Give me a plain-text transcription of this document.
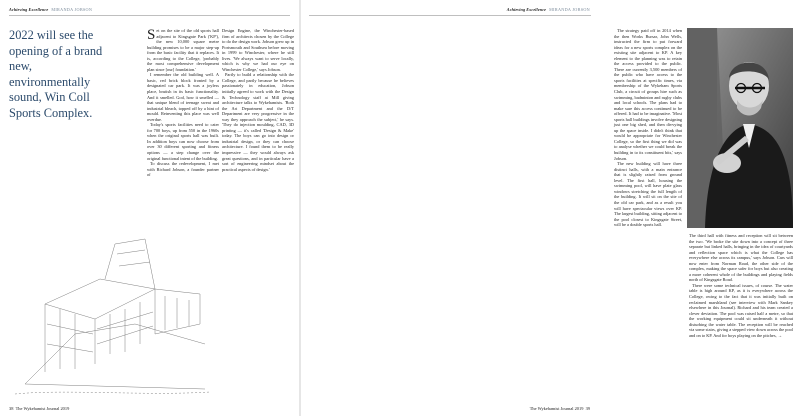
Achieving Excellence MIRANDA JOBSON
2022 will see the opening of a brand new, environmentally sound, Win Coll Sports Complex.

Set on the site of the old sports hall adjacent to Kingsgate Park ('KP'), the new 10,000 square metre building promises to be a major step-up from the basic facility that it replaces. It is, according to the College, 'probably the most comprehensive development plan since [our] foundation.'

I remember the old building well. A basic, red brick block fronted by a designated car park. It was a joyless place, brutish in its basic functionality. And it smelled. God, how it smelled — that unique blend of teenage sweat and industrial bleach, topped off by a hint of mould. Reinventing this place was well overdue.

Today's sports facilities need to cater for 700 boys, up from 550 in the 1960s when the original sports hall was built. In addition boys can now choose from over 30 different sporting and fitness options — a step change over the original functional intent of the building.

To discuss the redevelopment, I met with Richard Jobson, a founder partner of

Design Engine, the Winchester-based firm of architects chosen by the College to do the design work. Jobson grew up in Portsmouth and Southsea before moving in 1999 to Winchester, where he still lives. 'We always want to serve locally, which is why we had our eye on Winchester College,' says Jobson.

Partly to build a relationship with the College, and partly because he believes passionately in education, Jobson initially agreed to work with the Design & Technology staff at Mill giving architecture talks to Wykehamists. 'Both the Art Department and the D/T Department are very progressive in the way they approach the subject,' he says. 'They do injection moulding, CAD, 3D printing — it's called 'Design & Make' today. The boys can go into design or industrial design, or they can choose architecture. I found them to be really impressive — they would always ask great questions, and in particular have a sort of engineering mindset about the practical aspects of design.'

38 The Wykehamist Journal 2019
Achieving Excellence MIRANDA JOBSON

The strategy paid off in 2014 when the then Works Bursar, John Wells, instructed the firm to put forward ideas for a new sports complex on the existing site adjacent to KP. A key element to the planning was to retain the access provided to the public. There are currently 3,500 members of the public who have access to the sports facilities at specific times, via membership of the Wykeham Sports Club, a circuit of groups hire such as swimming, badminton and rugby clubs and local schools. The plans had to make sure this access continued to be offered. It had to be imaginative. 'Most sports hall buildings involve designing just one big shed, and then divvying up the space inside. I didn't think that would be appropriate for Winchester College, so the first thing we did was to analyse whether we could break the building in to its constituent bits,' says Jobson.

The new building will have three distinct halls, with a main entrance that is slightly raised from ground level. The first hall, housing the swimming pool, will have plate glass windows stretching the full length of the building. It will sit on the site of the old car park, and as a result you will have spectacular views over KP. The largest building, sitting adjacent to the pool closest to Kingsgate Street, will be a double sports hall.

The third hall with fitness and reception will sit between the two. 'We broke the site down into a concept of three separate but linked halls, bringing in the idea of courtyards and reflection space which is what the College has everywhere else across its campus,' says Jobson. Cars will now enter from Norman Road, the other side of the complex, making the space safer for boys but also creating a more coherent whole of the buildings and playing fields north of Kingsgate Road.

There were some technical issues, of course. The water table is high around KP, as it is everywhere across the College, owing to the fact that it was initially built on reclaimed marshland (see interview with Mark Sankey elsewhere in this Journal). Richard and his team created a clever deviation. The pool was raised half a metre, so that the working equipment could sit underneath it without disturbing the water table. The reception will be reached via some stairs, giving a stepped view down across the pool and on to KP. And for boys playing on the pitches, →

The Wykehamist Journal 2019 39
